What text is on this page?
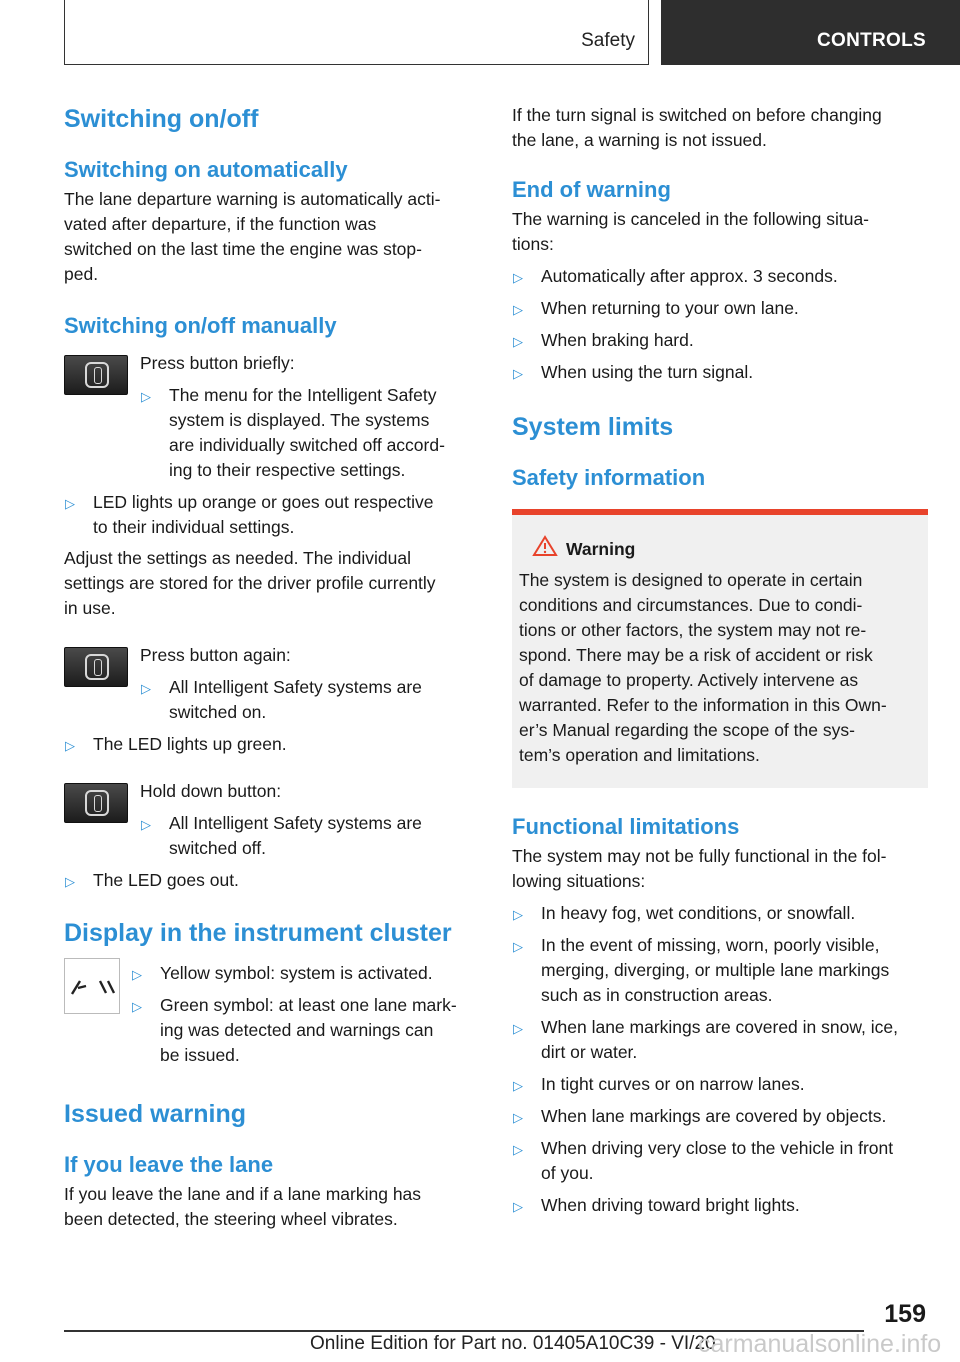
Safety	CONTROLS
Switching on/off
Switching on automatically
The lane departure warning is automatically acti-
vated after departure, if the function was
switched on the last time the engine was stop-
ped.
Switching on/off manually
Press button briefly:
▷ The menu for the Intelligent Safety
system is displayed. The systems
are individually switched off accord-
ing to their respective settings.
▷ LED lights up orange or goes out respective
to their individual settings.
Adjust the settings as needed. The individual
settings are stored for the driver profile currently
in use.
Press button again:
▷ All Intelligent Safety systems are
switched on.
▷ The LED lights up green.
Hold down button:
▷ All Intelligent Safety systems are
switched off.
▷ The LED goes out.
Display in the instrument cluster
▷ Yellow symbol: system is activated.
▷ Green symbol: at least one lane mark-
ing was detected and warnings can
be issued.
Issued warning
If you leave the lane
If you leave the lane and if a lane marking has
been detected, the steering wheel vibrates.
If the turn signal is switched on before changing
the lane, a warning is not issued.
End of warning
The warning is canceled in the following situa-
tions:
▷ Automatically after approx. 3 seconds.
▷ When returning to your own lane.
▷ When braking hard.
▷ When using the turn signal.
System limits
Safety information
Warning
The system is designed to operate in certain
conditions and circumstances. Due to condi-
tions or other factors, the system may not re-
spond. There may be a risk of accident or risk
of damage to property. Actively intervene as
warranted. Refer to the information in this Own-
er’s Manual regarding the scope of the sys-
tem’s operation and limitations.
Functional limitations
The system may not be fully functional in the fol-
lowing situations:
▷ In heavy fog, wet conditions, or snowfall.
▷ In the event of missing, worn, poorly visible,
merging, diverging, or multiple lane markings
such as in construction areas.
▷ When lane markings are covered in snow, ice,
dirt or water.
▷ In tight curves or on narrow lanes.
▷ When lane markings are covered by objects.
▷ When driving very close to the vehicle in front
of you.
▷ When driving toward bright lights.
159
Online Edition for Part no. 01405A10C39 - VI/20
carmanualsonline.info
